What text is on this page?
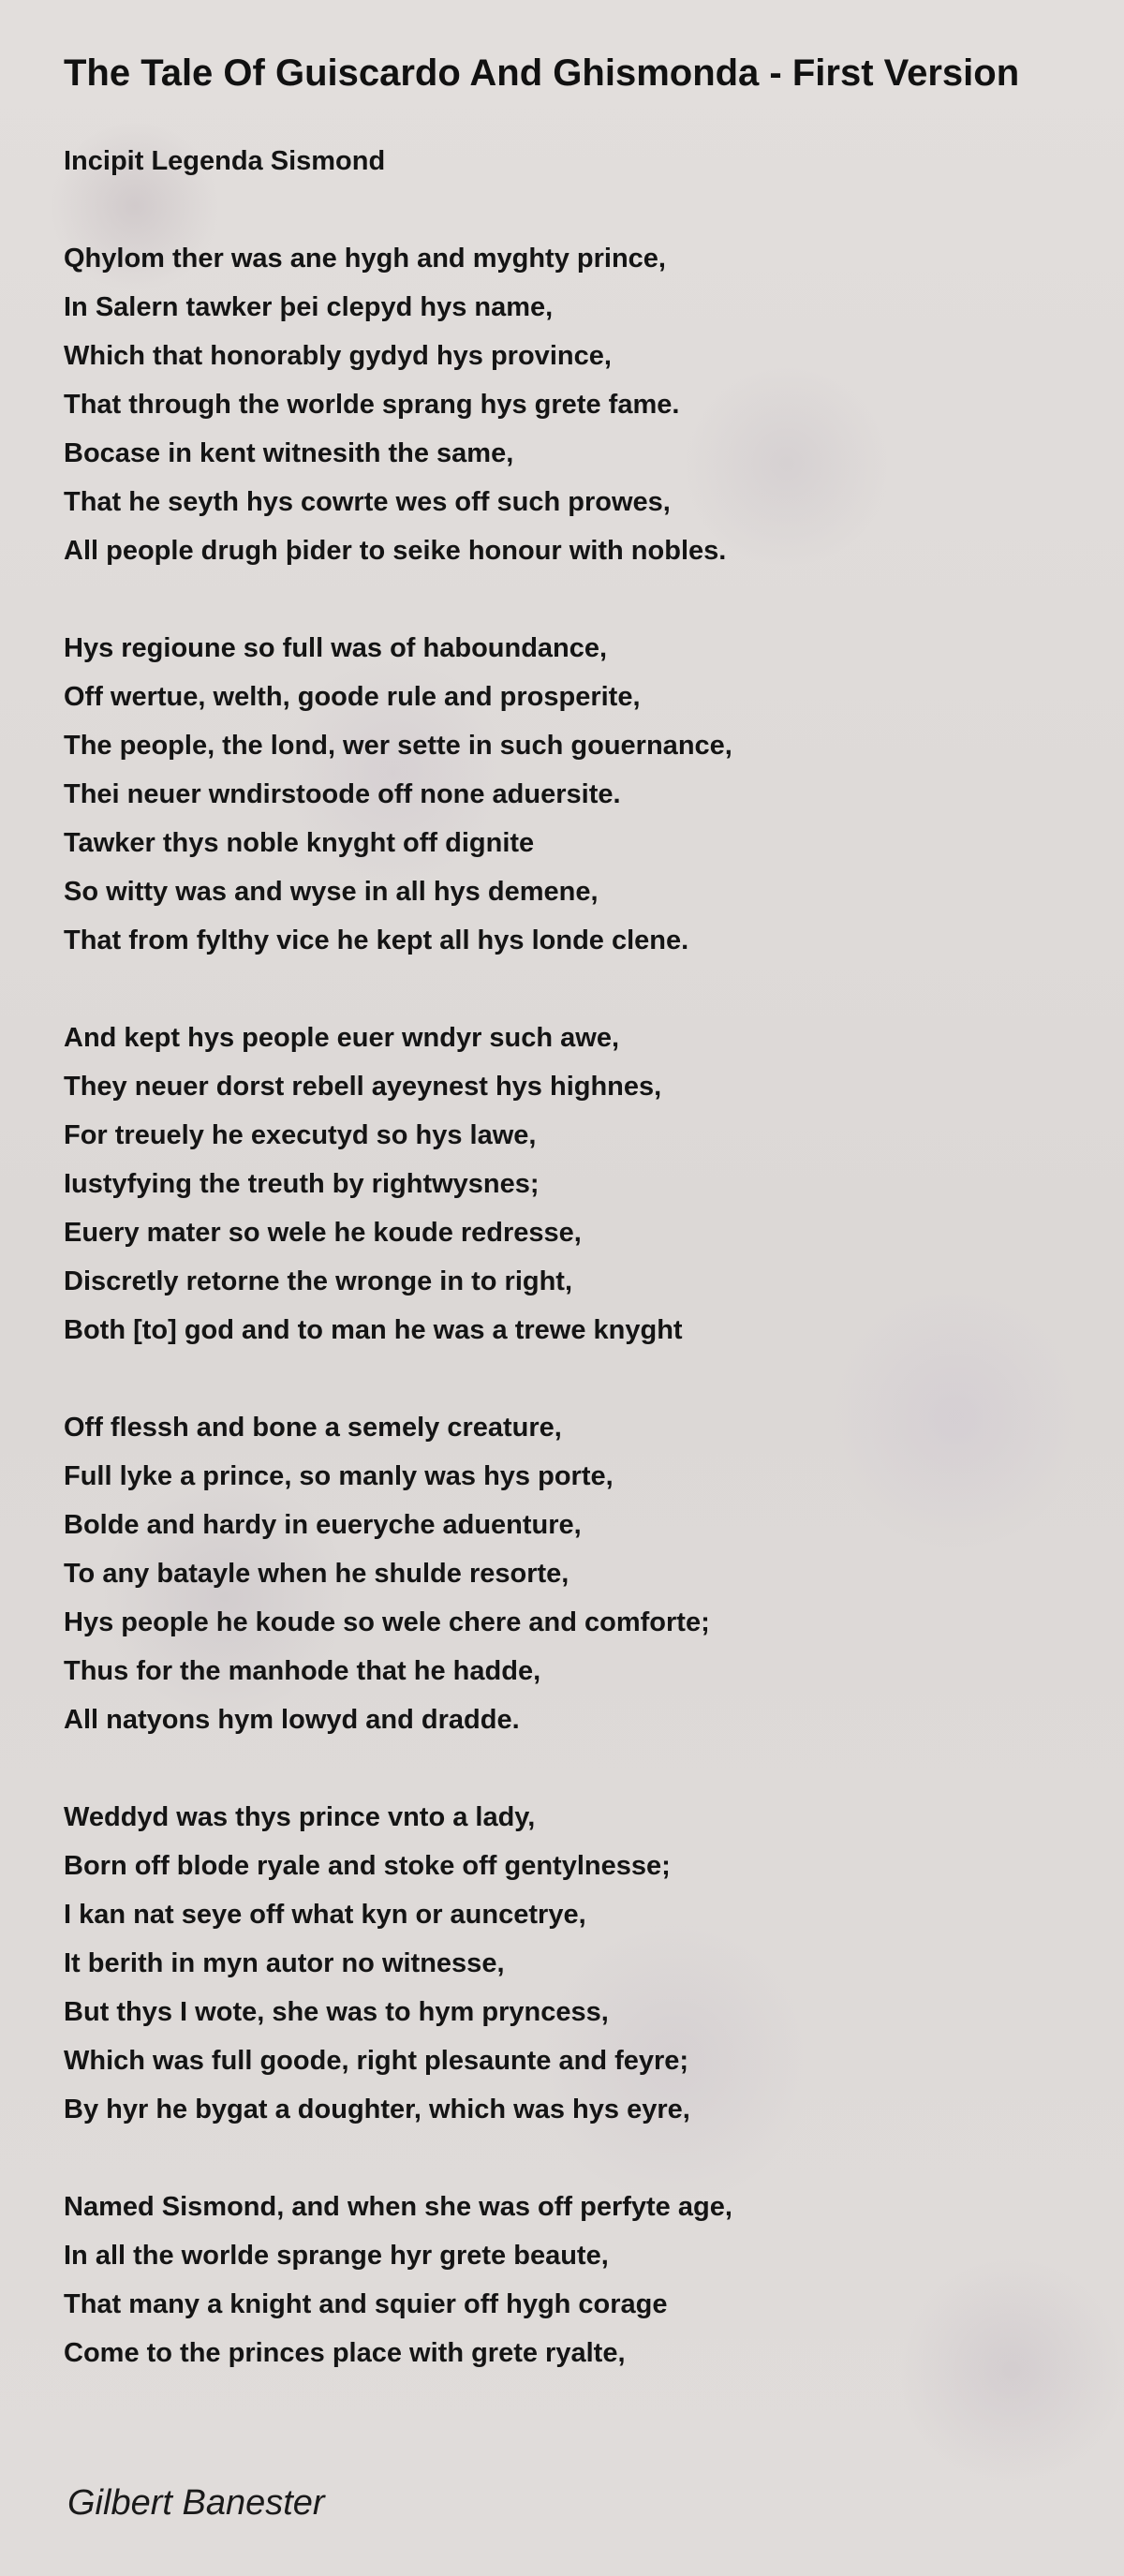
The Tale Of Guiscardo And Ghismonda - First Version
Incipit Legenda Sismond
Qhylom ther was ane hygh and myghty prince,
In Salern tawker þei clepyd hys name,
Which that honorably gydyd hys province,
That through the worlde sprang hys grete fame.
Bocase in kent witnesith the same,
That he seyth hys cowrte wes off such prowes,
All people drugh þider to seike honour with nobles.
Hys regioune so full was of haboundance,
Off wertue, welth, goode rule and prosperite,
The people, the lond, wer sette in such gouernance,
Thei neuer wndirstoode off none aduersite.
Tawker thys noble knyght off dignite
So witty was and wyse in all hys demene,
That from fylthy vice he kept all hys londe clene.
And kept hys people euer wndyr such awe,
They neuer dorst rebell ayeynest hys highnes,
For treuely he executyd so hys lawe,
Iustyfying the treuth by rightwysnes;
Euery mater so wele he koude redresse,
Discretly retorne the wronge in to right,
Both [to] god and to man he was a trewe knyght
Off flessh and bone a semely creature,
Full lyke a prince, so manly was hys porte,
Bolde and hardy in eueryche aduenture,
To any batayle when he shulde resorte,
Hys people he koude so wele chere and comforte;
Thus for the manhode that he hadde,
All natyons hym lowyd and dradde.
Weddyd was thys prince vnto a lady,
Born off blode ryale and stoke off gentylnesse;
I kan nat seye off what kyn or auncetrye,
It berith in myn autor no witnesse,
But thys I wote, she was to hym pryncess,
Which was full goode, right plesaunte and feyre;
By hyr he bygat a doughter, which was hys eyre,
Named Sismond, and when she was off perfyte age,
In all the worlde sprange hyr grete beaute,
That many a knight and squier off hygh corage
Come to the princes place with grete ryalte,
Gilbert Banester
